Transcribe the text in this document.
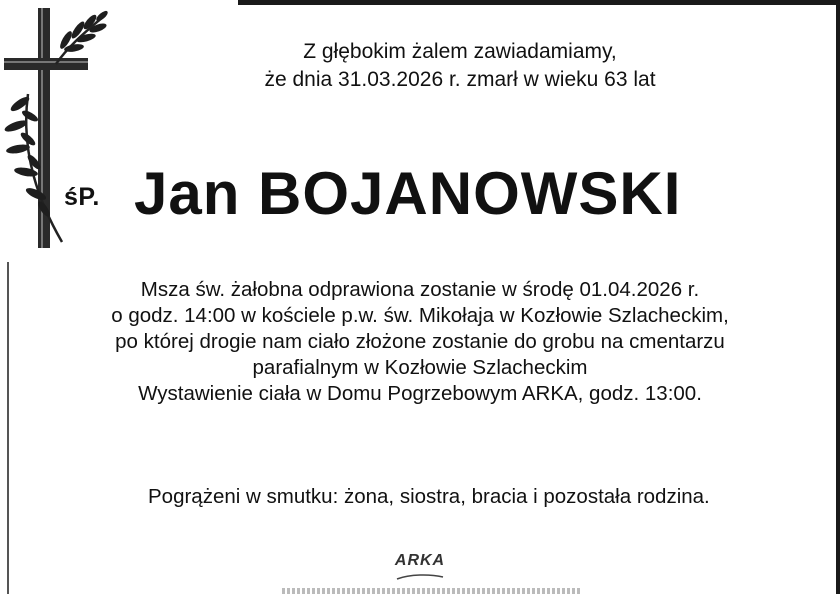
Z głębokim żalem zawiadamiamy,
że dnia 31.03.2026 r. zmarł w wieku 63 lat
śP. Jan BOJANOWSKI
Msza św. żałobna odprawiona zostanie w środę 01.04.2026 r.
o godz. 14:00 w kościele p.w. św. Mikołaja w Kozłowie Szlacheckim,
po której drogie nam ciało złożone zostanie do grobu na cmentarzu
parafialnym w Kozłowie Szlacheckim
Wystawienie ciała w Domu Pogrzebowym ARKA, godz. 13:00.
Pogrążeni w smutku: żona, siostra, bracia i pozostała rodzina.
ARKA
